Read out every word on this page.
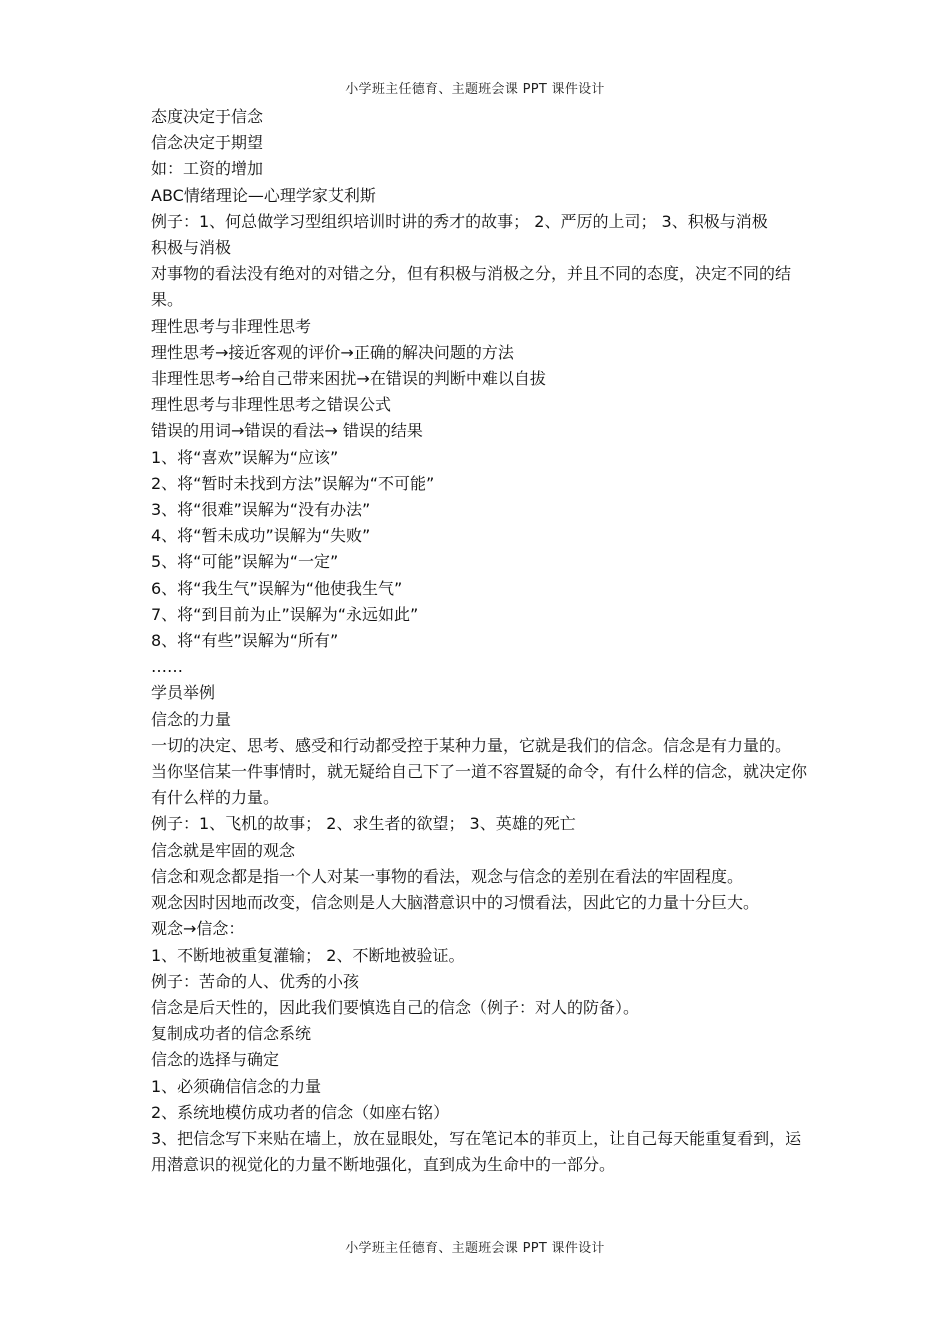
小学班主任德育、主题班会课 PPT 课件设计
态度决定于信念
信念决定于期望
如：工资的增加
ABC情绪理论—心理学家艾利斯
例子：1、何总做学习型组织培训时讲的秀才的故事； 2、严厉的上司； 3、积极与消极
积极与消极
对事物的看法没有绝对的对错之分，但有积极与消极之分，并且不同的态度，决定不同的结果。
理性思考与非理性思考
理性思考→接近客观的评价→正确的解决问题的方法
非理性思考→给自己带来困扰→在错误的判断中难以自拔
理性思考与非理性思考之错误公式
错误的用词→错误的看法→ 错误的结果
1、将“喜欢”误解为“应该”
2、将“暂时未找到方法”误解为“不可能”
3、将“很难”误解为“没有办法”
4、将“暂未成功”误解为“失败”
5、将“可能”误解为“一定”
6、将“我生气”误解为“他使我生气”
7、将“到目前为止”误解为“永远如此”
8、将“有些”误解为“所有”
……
学员举例
信念的力量
一切的决定、思考、感受和行动都受控于某种力量，它就是我们的信念。信念是有力量的。
当你坚信某一件事情时，就无疑给自己下了一道不容置疑的命令，有什么样的信念，就决定你有什么样的力量。
例子：1、飞机的故事； 2、求生者的欲望； 3、英雄的死亡
信念就是牢固的观念
信念和观念都是指一个人对某一事物的看法，观念与信念的差别在看法的牢固程度。
观念因时因地而改变，信念则是人大脑潜意识中的习惯看法，因此它的力量十分巨大。
观念→信念：
1、不断地被重复灌输； 2、不断地被验证。
例子：苦命的人、优秀的小孩
信念是后天性的，因此我们要慎选自己的信念（例子：对人的防备）。
复制成功者的信念系统
信念的选择与确定
1、必须确信信念的力量
2、系统地模仿成功者的信念（如座右铭）
3、把信念写下来贴在墙上，放在显眼处，写在笔记本的菲页上，让自己每天能重复看到，运用潜意识的视觉化的力量不断地强化，直到成为生命中的一部分。
小学班主任德育、主题班会课 PPT 课件设计
